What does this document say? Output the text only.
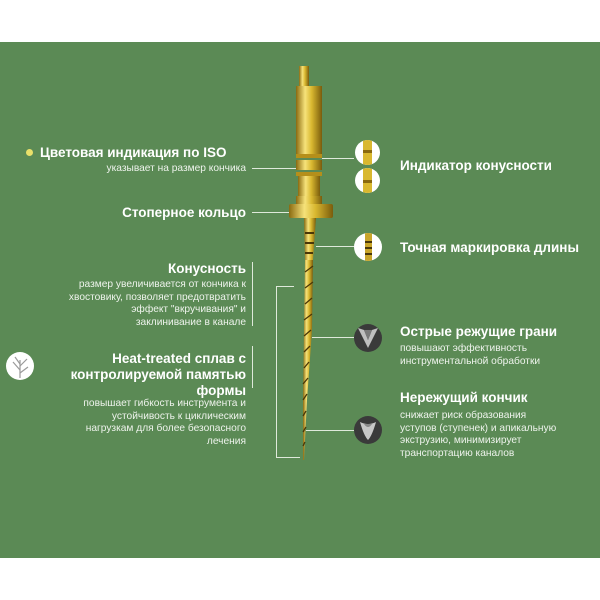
Цветовая индикация по ISO
указывает на размер кончика
Стоперное кольцо
Конусность
размер увеличивается от кончика к
хвостовику, позволяет предотвратить
эффект "вкручивания" и
заклинивание в канале
Heat-treated сплав с
контролируемой памятью
формы
повышает гибкость инструмента и
устойчивость к циклическим
нагрузкам для более безопасного
лечения
Индикатор конусности
Точная маркировка длины
Острые режущие грани
повышают эффективность
инструментальной обработки
Нережущий кончик
снижает риск образования
уступов (ступенек) и апикальную
экструзию, минимизирует
транспортацию каналов
